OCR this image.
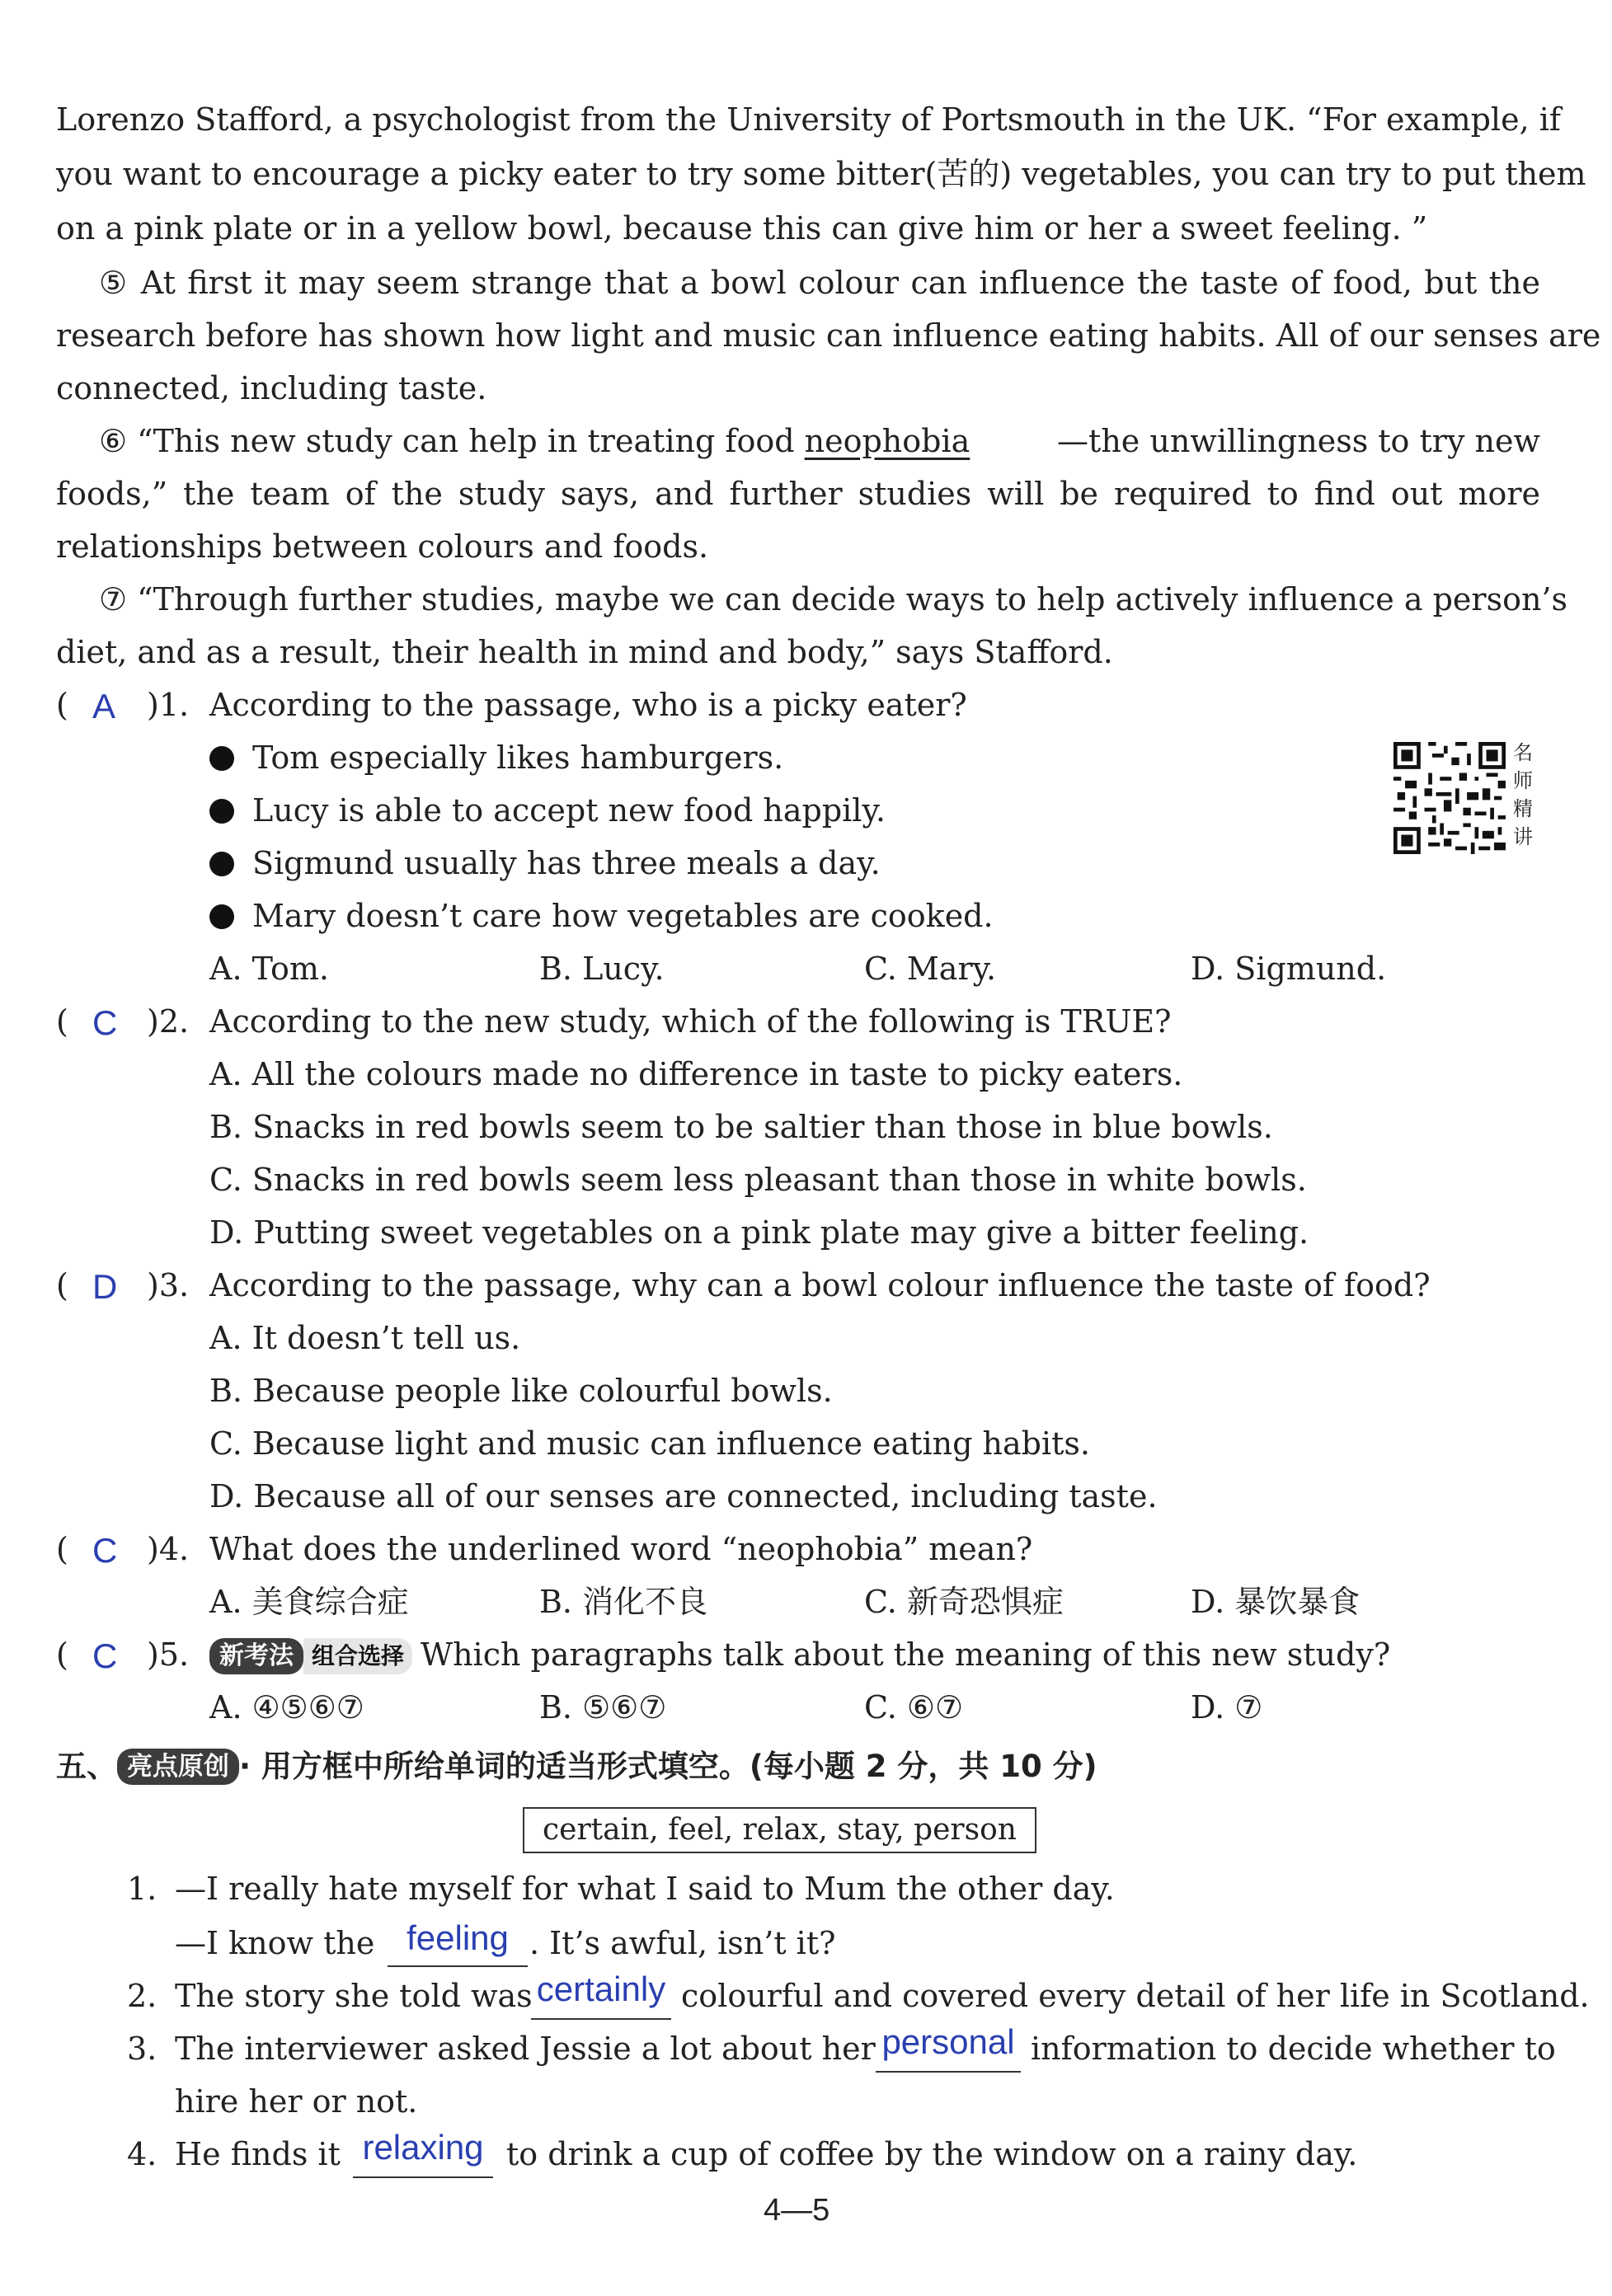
Lorenzo Stafford, a psychologist from the University of Portsmouth in the UK. “For example, if
you want to encourage a picky eater to try some bitter(苦的) vegetables, you can try to put them
on a pink plate or in a yellow bowl, because this can give him or her a sweet feeling. ”
⑤ At first it may seem strange that a bowl colour can influence the taste of food, but the
research before has shown how light and music can influence eating habits. All of our senses are
connected, including taste.
⑥ “This new study can help in treating food neophobia	—the unwillingness to try new
foods,” the team of the study says, and further studies will be required to find out more
relationships between colours and foods.
⑦ “Through further studies, maybe we can decide ways to help actively influence a person’s
diet, and as a result, their health in mind and body,” says Stafford.
( A )1. According to the passage, who is a picky eater?
Tom especially likes hamburgers.
Lucy is able to accept new food happily.
Sigmund usually has three meals a day.
Mary doesn’t care how vegetables are cooked.
A. Tom.	B. Lucy.	C. Mary.	D. Sigmund.
名
师
精
讲
( C )2. According to the new study, which of the following is TRUE?
A. All the colours made no difference in taste to picky eaters.
B. Snacks in red bowls seem to be saltier than those in blue bowls.
C. Snacks in red bowls seem less pleasant than those in white bowls.
D. Putting sweet vegetables on a pink plate may give a bitter feeling.
( D )3. According to the passage, why can a bowl colour influence the taste of food?
A. It doesn’t tell us.
B. Because people like colourful bowls.
C. Because light and music can influence eating habits.
D. Because all of our senses are connected, including taste.
( C )4. What does the underlined word “neophobia” mean?
A. 美食综合症	B. 消化不良	C. 新奇恐惧症	D. 暴饮暴食
( C )5.	新考法 组合选择 Which paragraphs talk about the meaning of this new study?
A. ④⑤⑥⑦	B. ⑤⑥⑦	C. ⑥⑦	D. ⑦
五、 亮点原创 · 用方框中所给单词的适当形式填空。(每小题 2 分，共 10 分)
certain, feel, relax, stay, person
1. —I really hate myself for what I said to Mum the other day.
—I know the feeling . It’s awful, isn’t it?
2. The story she told was certainly colourful and covered every detail of her life in Scotland.
3. The interviewer asked Jessie a lot about her personal information to decide whether to
hire her or not.
4. He finds it relaxing to drink a cup of coffee by the window on a rainy day.
4—5
